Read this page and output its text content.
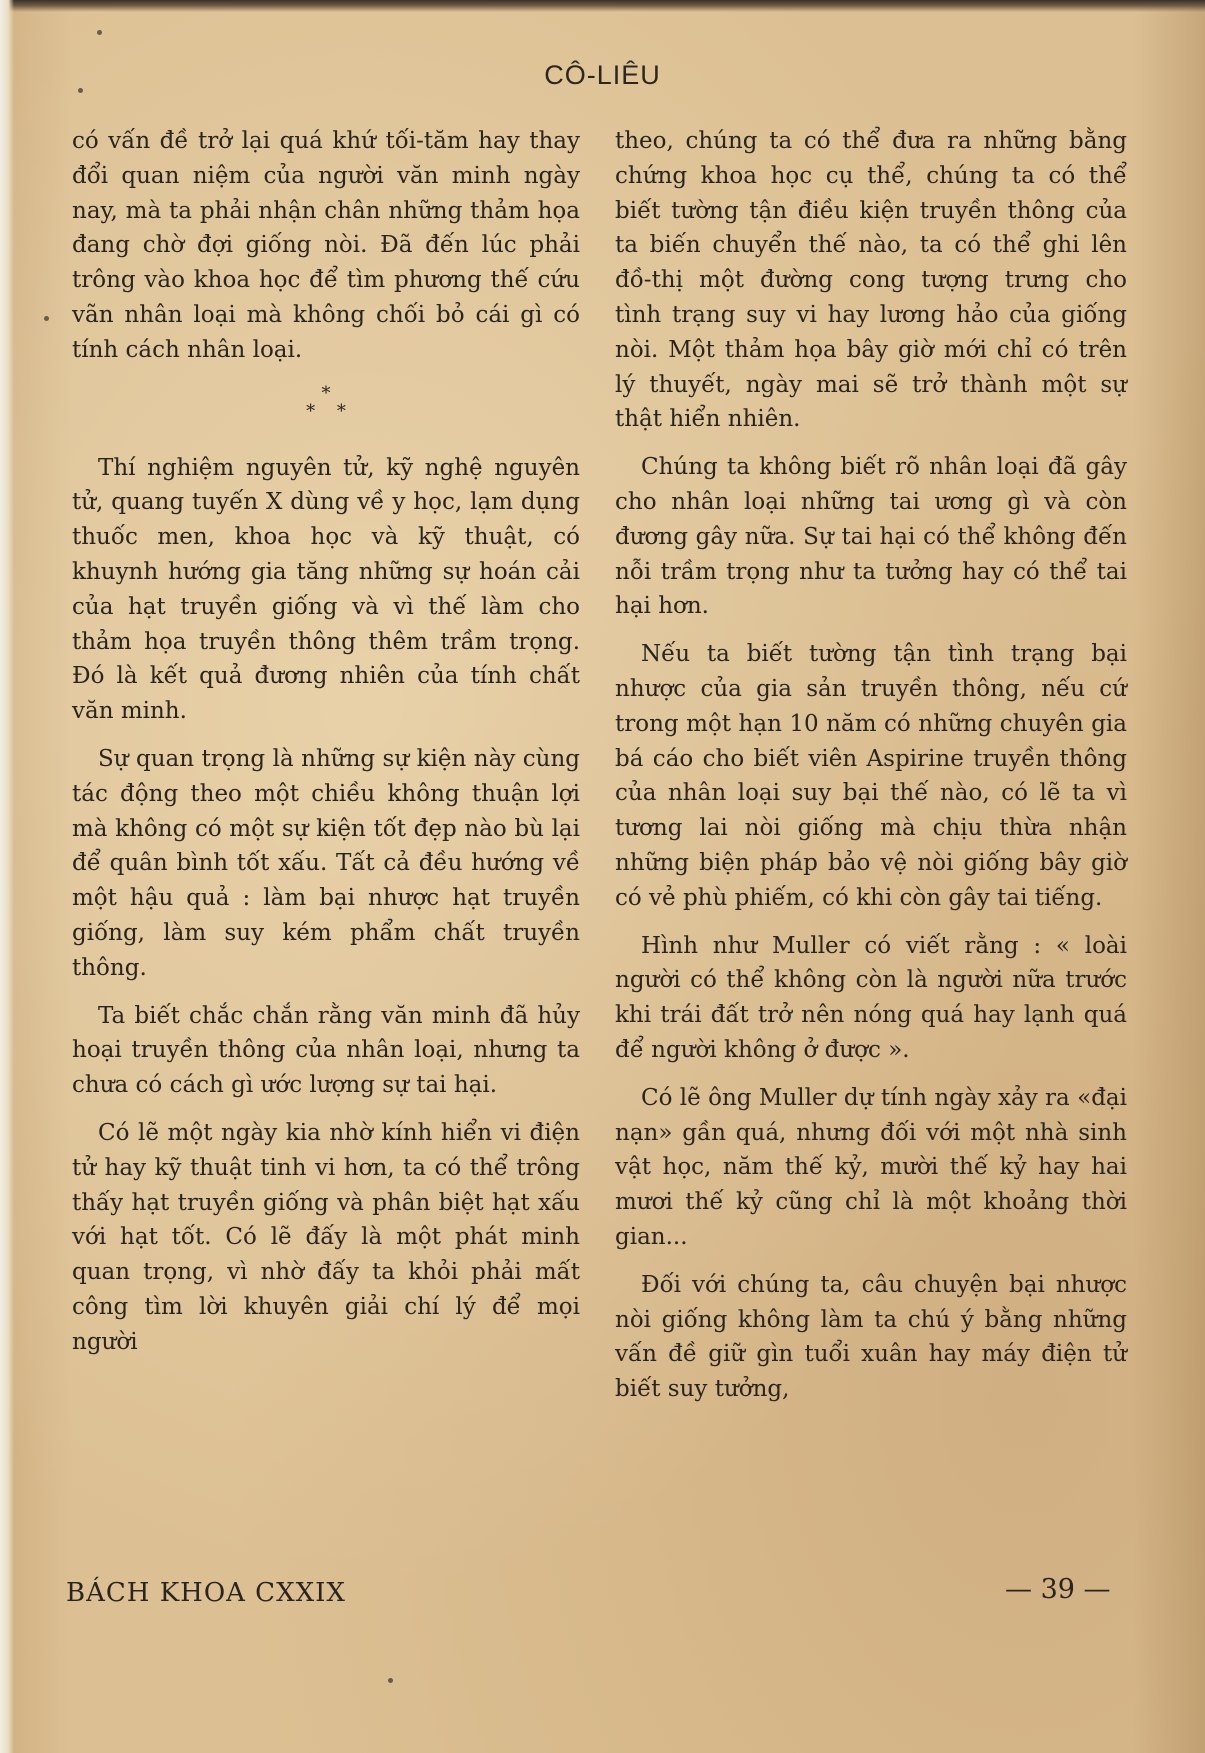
CÔ-LIÊU

có vấn đề trở lại quá khứ tối-tăm hay thay đổi quan niệm của người văn minh ngày nay, mà ta phải nhận chân những thảm họa đang chờ đợi giống nòi. Đã đến lúc phải trông vào khoa học để tìm phương thế cứu vãn nhân loại mà không chối bỏ cái gì có tính cách nhân loại.

*
* *

Thí nghiệm nguyên tử, kỹ nghệ nguyên tử, quang tuyến X dùng về y học, lạm dụng thuốc men, khoa học và kỹ thuật, có khuynh hướng gia tăng những sự hoán cải của hạt truyền giống và vì thế làm cho thảm họa truyền thông thêm trầm trọng. Đó là kết quả đương nhiên của tính chất văn minh.

Sự quan trọng là những sự kiện này cùng tác động theo một chiều không thuận lợi mà không có một sự kiện tốt đẹp nào bù lại để quân bình tốt xấu. Tất cả đều hướng về một hậu quả : làm bại nhược hạt truyền giống, làm suy kém phẩm chất truyền thông.

Ta biết chắc chắn rằng văn minh đã hủy hoại truyền thông của nhân loại, nhưng ta chưa có cách gì ước lượng sự tai hại.

Có lẽ một ngày kia nhờ kính hiển vi điện tử hay kỹ thuật tinh vi hơn, ta có thể trông thấy hạt truyền giống và phân biệt hạt xấu với hạt tốt. Có lẽ đấy là một phát minh quan trọng, vì nhờ đấy ta khỏi phải mất công tìm lời khuyên giải chí lý để mọi người

theo, chúng ta có thể đưa ra những bằng chứng khoa học cụ thể, chúng ta có thể biết tường tận điều kiện truyền thông của ta biến chuyển thế nào, ta có thể ghi lên đồ-thị một đường cong tượng trưng cho tình trạng suy vi hay lương hảo của giống nòi. Một thảm họa bây giờ mới chỉ có trên lý thuyết, ngày mai sẽ trở thành một sự thật hiển nhiên.

Chúng ta không biết rõ nhân loại đã gây cho nhân loại những tai ương gì và còn đương gây nữa. Sự tai hại có thể không đến nỗi trầm trọng như ta tưởng hay có thể tai hại hơn.

Nếu ta biết tường tận tình trạng bại nhược của gia sản truyền thông, nếu cứ trong một hạn 10 năm có những chuyên gia bá cáo cho biết viên Aspirine truyền thông của nhân loại suy bại thế nào, có lẽ ta vì tương lai nòi giống mà chịu thừa nhận những biện pháp bảo vệ nòi giống bây giờ có vẻ phù phiếm, có khi còn gây tai tiếng.

Hình như Muller có viết rằng : « loài người có thể không còn là người nữa trước khi trái đất trở nên nóng quá hay lạnh quá để người không ở được ».

Có lẽ ông Muller dự tính ngày xảy ra «đại nạn» gần quá, nhưng đối với một nhà sinh vật học, năm thế kỷ, mười thế kỷ hay hai mươi thế kỷ cũng chỉ là một khoảng thời gian...

Đối với chúng ta, câu chuyện bại nhược nòi giống không làm ta chú ý bằng những vấn đề giữ gìn tuổi xuân hay máy điện tử biết suy tưởng,

BÁCH KHOA CXXIX	— 39 —
